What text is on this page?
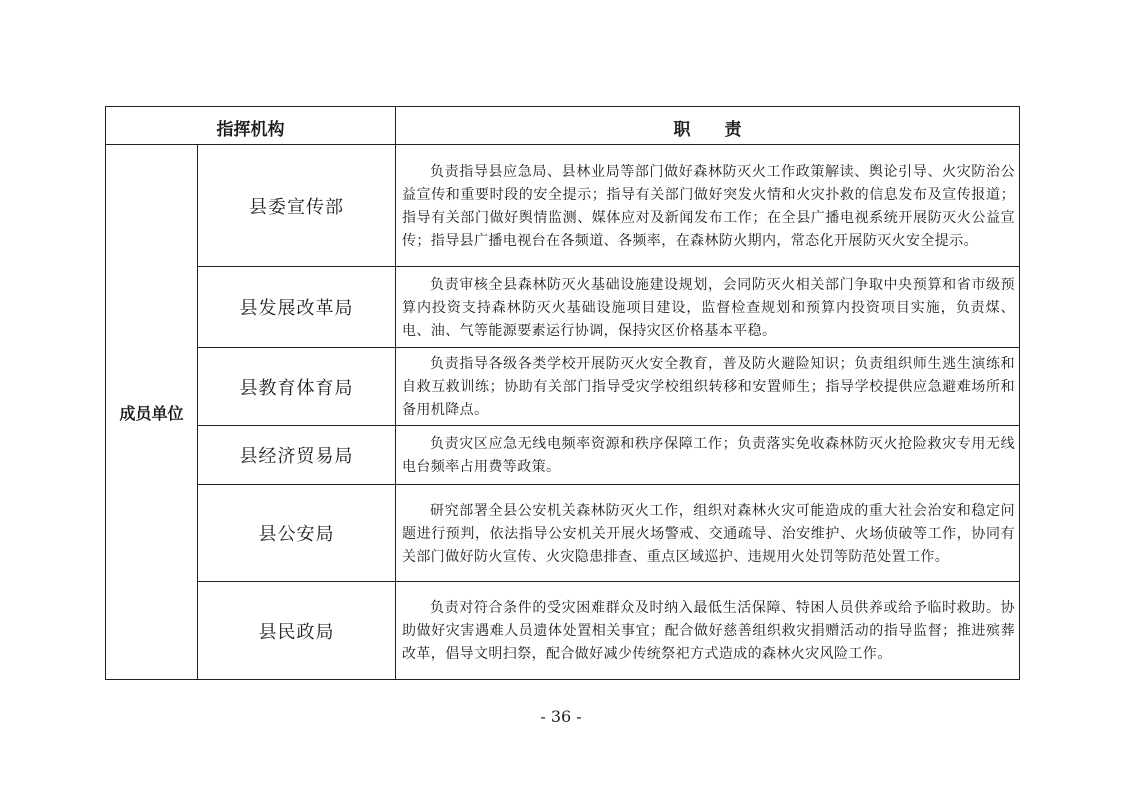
指挥机构		职　　责
成员单位	县委宣传部	负责指导县应急局、县林业局等部门做好森林防灭火工作政策解读、舆论引导、火灾防治公益宣传和重要时段的安全提示；指导有关部门做好突发火情和火灾扑救的信息发布及宣传报道；指导有关部门做好舆情监测、媒体应对及新闻发布工作；在全县广播电视系统开展防灭火公益宣传；指导县广播电视台在各频道、各频率，在森林防火期内，常态化开展防灭火安全提示。

	县发展改革局	负责审核全县森林防灭火基础设施建设规划，会同防灭火相关部门争取中央预算和省市级预算内投资支持森林防灭火基础设施项目建设，监督检查规划和预算内投资项目实施，负责煤、电、油、气等能源要素运行协调，保持灾区价格基本平稳。

	县教育体育局	负责指导各级各类学校开展防灭火安全教育，普及防火避险知识；负责组织师生逃生演练和自救互救训练；协助有关部门指导受灾学校组织转移和安置师生；指导学校提供应急避难场所和备用机降点。

	县经济贸易局	负责灾区应急无线电频率资源和秩序保障工作；负责落实免收森林防灭火抢险救灾专用无线电台频率占用费等政策。

	县公安局	研究部署全县公安机关森林防灭火工作，组织对森林火灾可能造成的重大社会治安和稳定问题进行预判，依法指导公安机关开展火场警戒、交通疏导、治安维护、火场侦破等工作，协同有关部门做好防火宣传、火灾隐患排查、重点区域巡护、违规用火处罚等防范处置工作。

	县民政局	负责对符合条件的受灾困难群众及时纳入最低生活保障、特困人员供养或给予临时救助。协助做好灾害遇难人员遗体处置相关事宜；配合做好慈善组织救灾捐赠活动的指导监督；推进殡葬改革，倡导文明扫祭，配合做好减少传统祭祀方式造成的森林火灾风险工作。

- 36 -
